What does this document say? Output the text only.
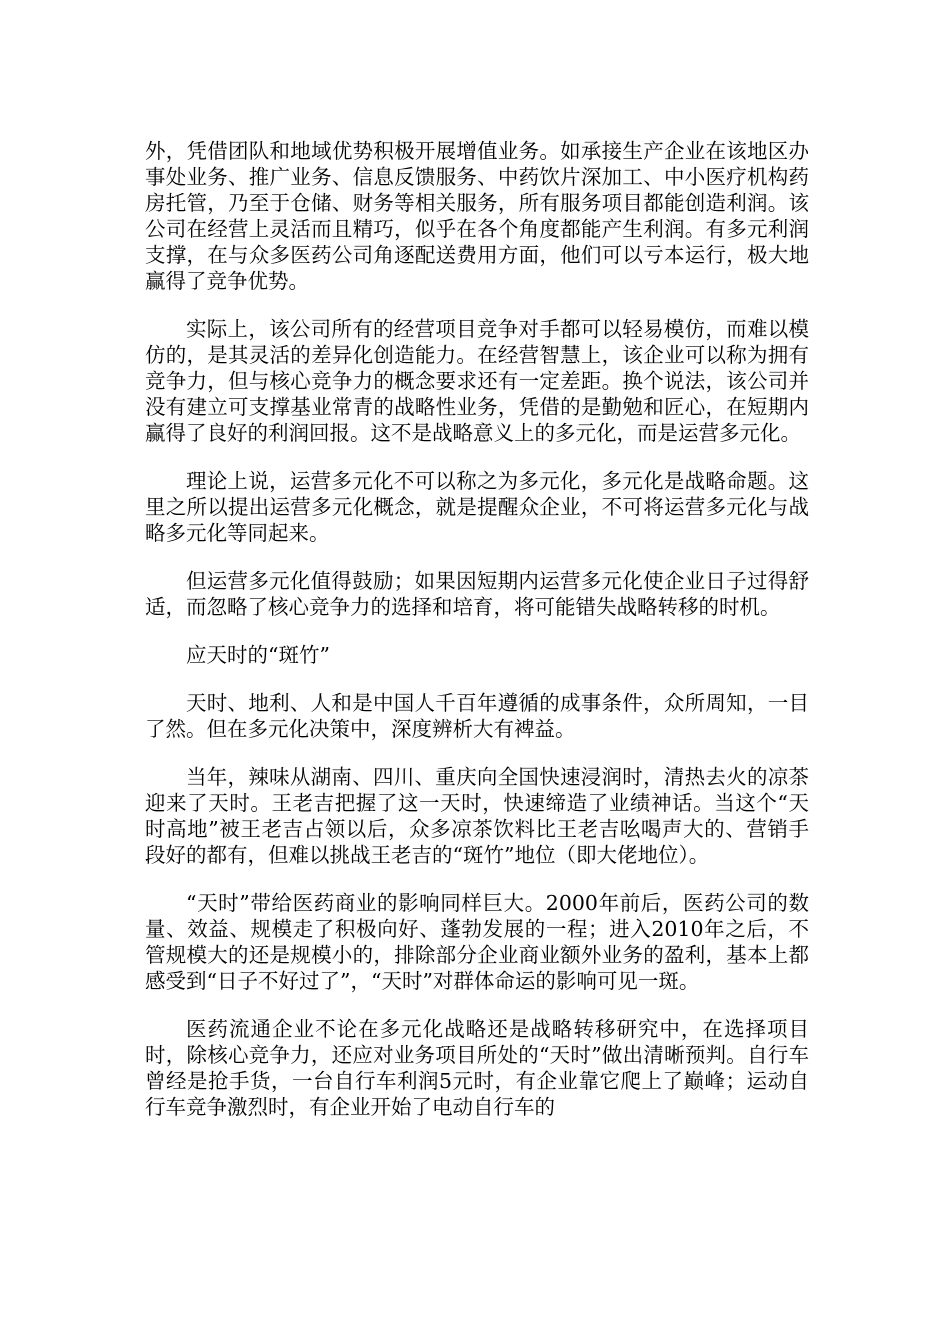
外，凭借团队和地域优势积极开展增值业务。如承接生产企业在该地区办事处业务、推广业务、信息反馈服务、中药饮片深加工、中小医疗机构药房托管，乃至于仓储、财务等相关服务，所有服务项目都能创造利润。该公司在经营上灵活而且精巧，似乎在各个角度都能产生利润。有多元利润支撑，在与众多医药公司角逐配送费用方面，他们可以亏本运行，极大地赢得了竞争优势。

实际上，该公司所有的经营项目竞争对手都可以轻易模仿，而难以模仿的，是其灵活的差异化创造能力。在经营智慧上，该企业可以称为拥有竞争力，但与核心竞争力的概念要求还有一定差距。换个说法，该公司并没有建立可支撑基业常青的战略性业务，凭借的是勤勉和匠心，在短期内赢得了良好的利润回报。这不是战略意义上的多元化，而是运营多元化。

理论上说，运营多元化不可以称之为多元化，多元化是战略命题。这里之所以提出运营多元化概念，就是提醒众企业，不可将运营多元化与战略多元化等同起来。

但运营多元化值得鼓励；如果因短期内运营多元化使企业日子过得舒适，而忽略了核心竞争力的选择和培育，将可能错失战略转移的时机。

应天时的“斑竹”

天时、地利、人和是中国人千百年遵循的成事条件，众所周知，一目了然。但在多元化决策中，深度辨析大有裨益。

当年，辣味从湖南、四川、重庆向全国快速浸润时，清热去火的凉茶迎来了天时。王老吉把握了这一天时，快速缔造了业绩神话。当这个“天时高地”被王老吉占领以后，众多凉茶饮料比王老吉吆喝声大的、营销手段好的都有，但难以挑战王老吉的“斑竹”地位（即大佬地位）。

“天时”带给医药商业的影响同样巨大。2000年前后，医药公司的数量、效益、规模走了积极向好、蓬勃发展的一程；进入2010年之后，不管规模大的还是规模小的，排除部分企业商业额外业务的盈利，基本上都感受到“日子不好过了”，“天时”对群体命运的影响可见一斑。

医药流通企业不论在多元化战略还是战略转移研究中，在选择项目时，除核心竞争力，还应对业务项目所处的“天时”做出清晰预判。自行车曾经是抢手货，一台自行车利润5元时，有企业靠它爬上了巅峰；运动自行车竞争激烈时，有企业开始了电动自行车的
